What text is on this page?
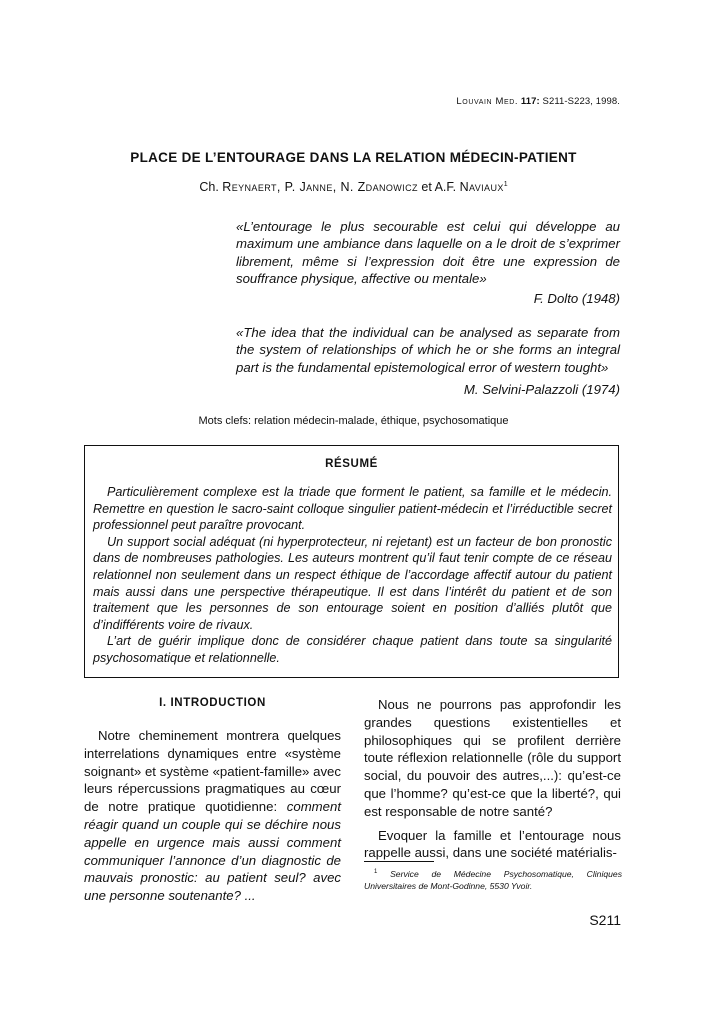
Louvain Med. 117: S211-S223, 1998.
PLACE DE L’ENTOURAGE DANS LA RELATION MÉDECIN-PATIENT
Ch. Reynaert, P. Janne, N. Zdanowicz et A.F. Naviaux$^1$
«L’entourage le plus secourable est celui qui développe au maximum une ambiance dans laquelle on a le droit de s’exprimer librement, même si l’expression doit être une expression de souffrance physique, affective ou mentale»
F. Dolto (1948)
«The idea that the individual can be analysed as separate from the system of relationships of which he or she forms an integral part is the fundamental epistemological error of western tought»
M. Selvini-Palazzoli (1974)
Mots clefs: relation médecin-malade, éthique, psychosomatique
RÉSUMÉ

Particulièrement complexe est la triade que forment le patient, sa famille et le médecin. Remettre en question le sacro-saint colloque singulier patient-médecin et l’irréductible secret professionnel peut paraître provocant.

Un support social adéquat (ni hyperprotecteur, ni rejetant) est un facteur de bon pronostic dans de nombreuses pathologies. Les auteurs montrent qu’il faut tenir compte de ce réseau relationnel non seulement dans un respect éthique de l’accordage affectif autour du patient mais aussi dans une perspective thérapeutique. Il est dans l’intérêt du patient et de son traitement que les personnes de son entourage soient en position d’alliés plutôt que d’indifférents voire de rivaux.

L’art de guérir implique donc de considérer chaque patient dans toute sa singularité psychosomatique et relationnelle.

I. INTRODUCTION

Notre cheminement montrera quelques interrelations dynamiques entre «système soignant» et système «patient-famille» avec leurs répercussions pragmatiques au cœur de notre pratique quotidienne: comment réagir quand un couple qui se déchire nous appelle en urgence mais aussi comment communiquer l’annonce d’un diagnostic de mauvais pronostic: au patient seul? avec une personne soutenante? ...

Nous ne pourrons pas approfondir les grandes questions existentielles et philosophiques qui se profilent derrière toute réflexion relationnelle (rôle du support social, du pouvoir des autres,...): qu’est-ce que l’homme? qu’est-ce que la liberté?, qui est responsable de notre santé?

Evoquer la famille et l’entourage nous rappelle aussi, dans une société matérialis-

$^1$ Service de Médecine Psychosomatique, Cliniques Universitaires de Mont-Godinne, 5530 Yvoir.
S211
